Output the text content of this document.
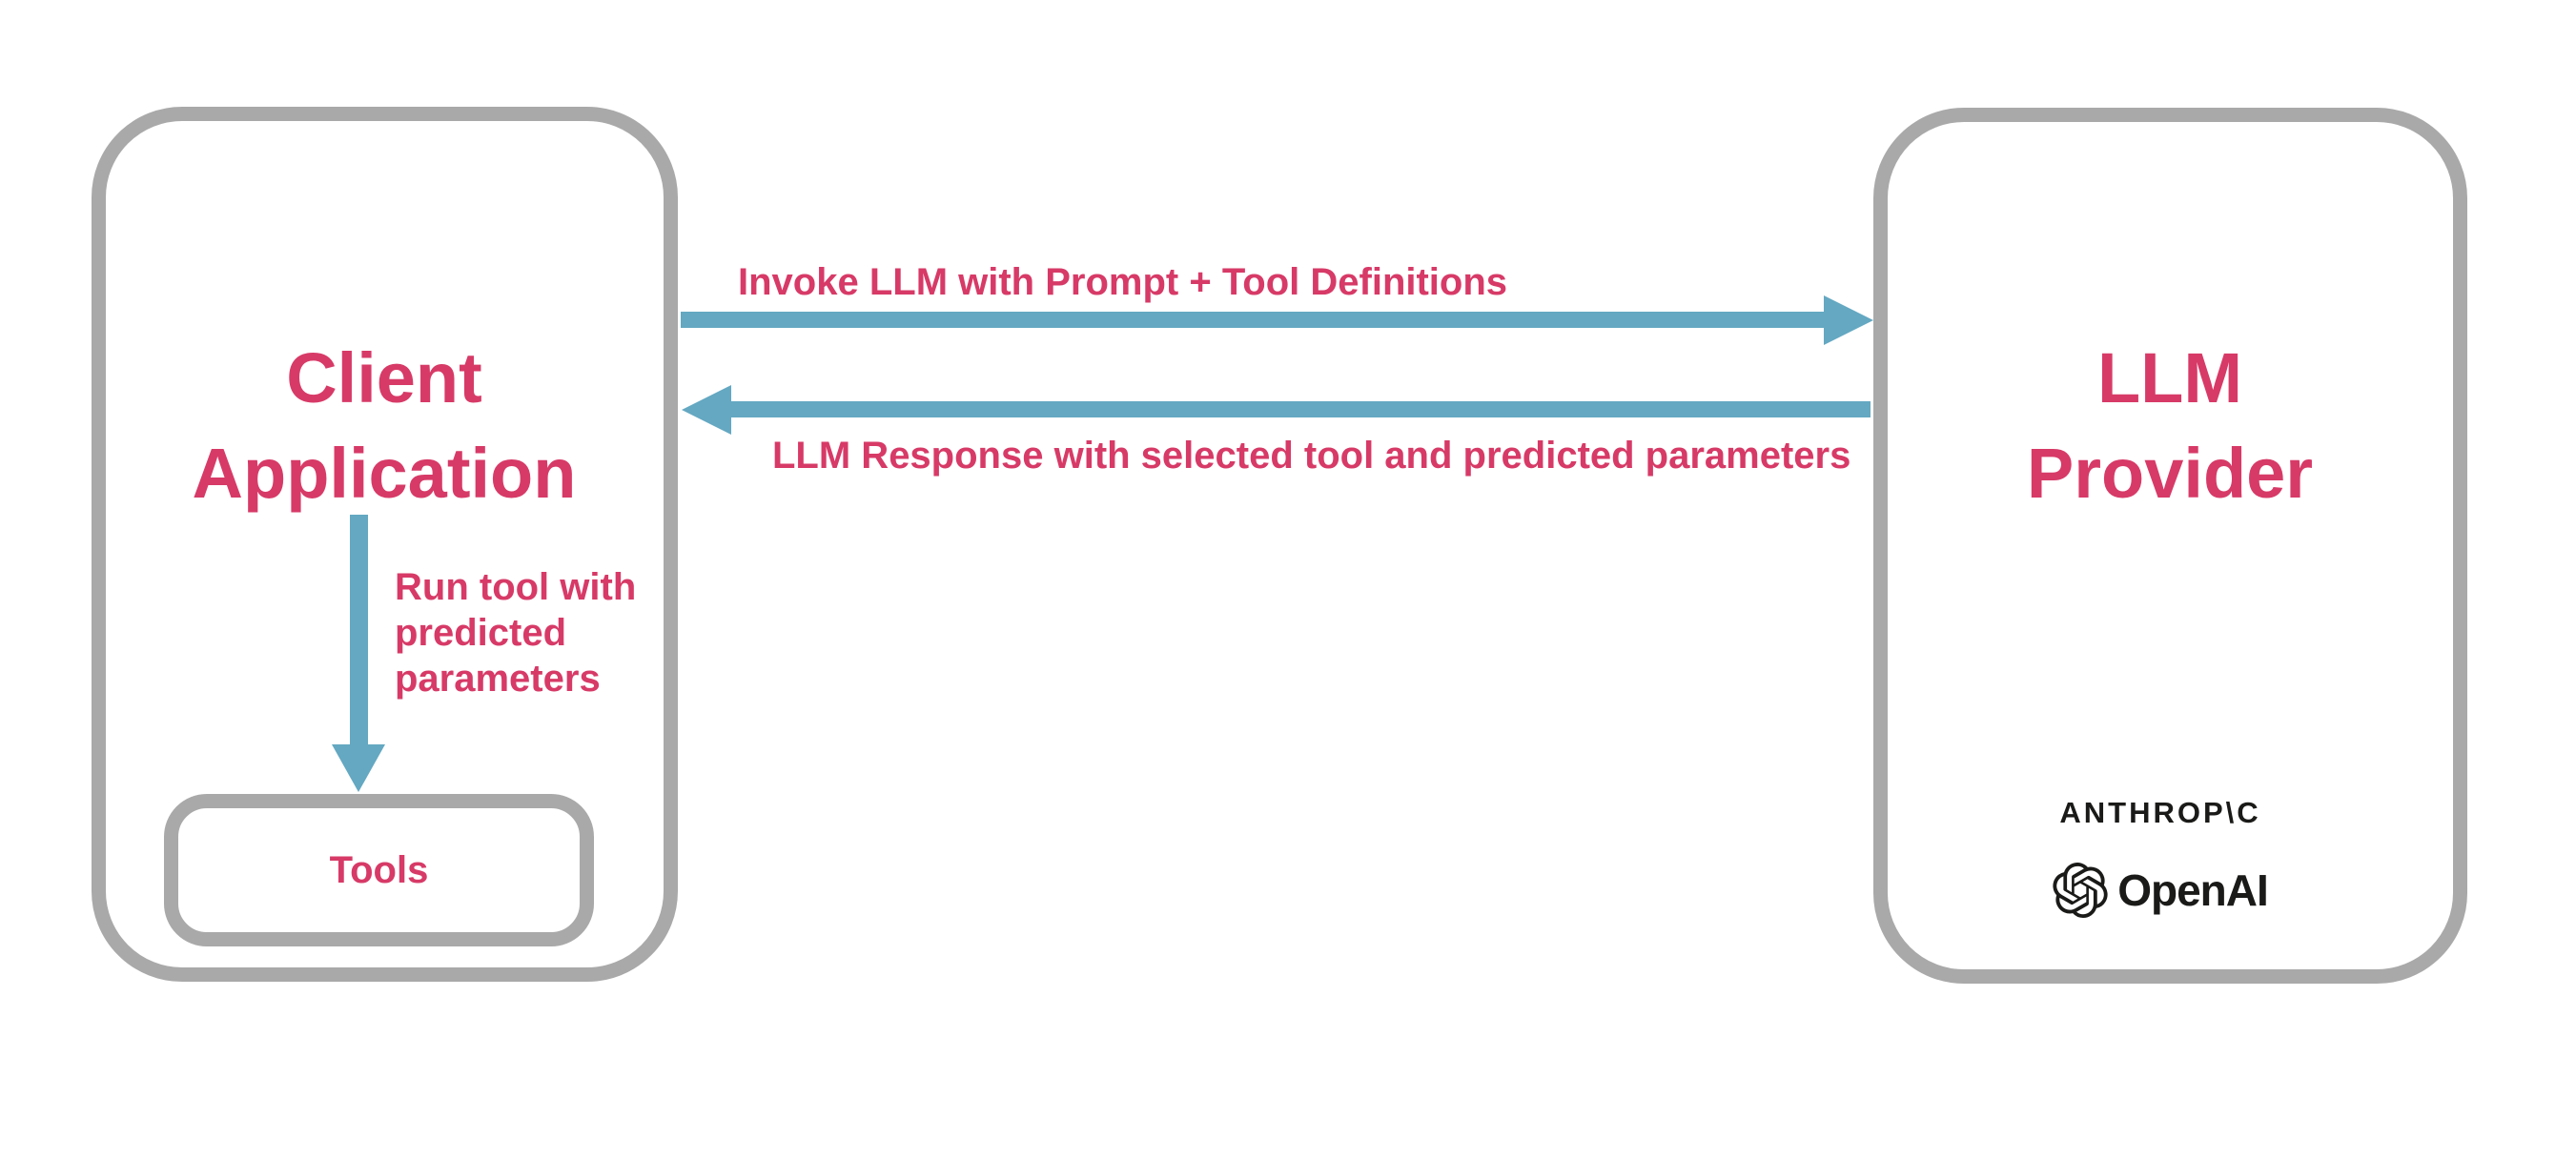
Client Application
Tools
LLM Provider
ANTHROP\C
OpenAI
Invoke LLM with Prompt + Tool Definitions
LLM Response with selected tool and predicted parameters
Run tool with predicted parameters
